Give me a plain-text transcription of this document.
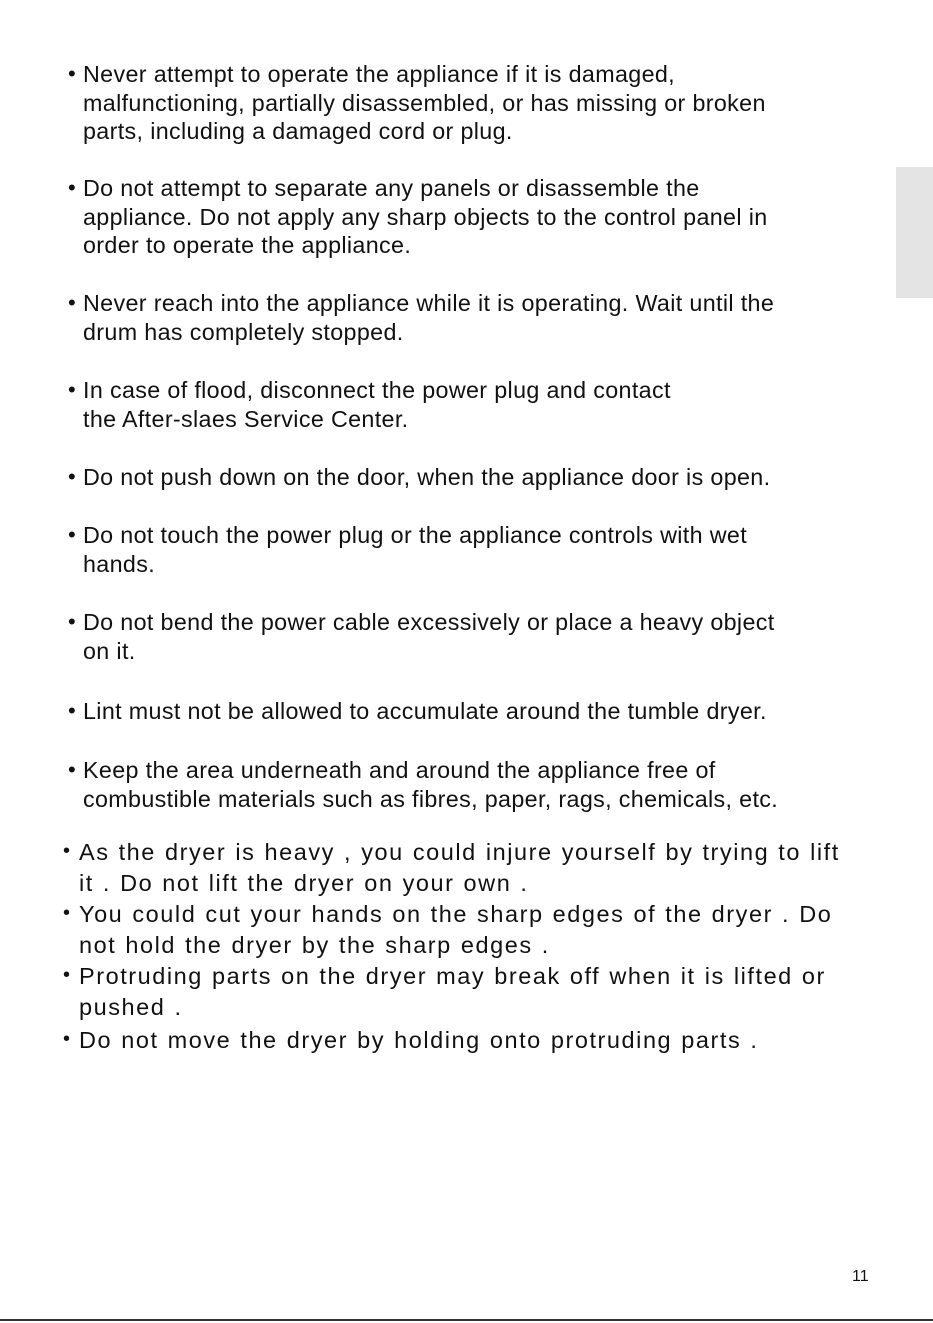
• Never attempt to operate the appliance if it is damaged,
malfunctioning, partially disassembled, or has missing or broken
parts, including a damaged cord or plug.
• Do not attempt to separate any panels or disassemble the
appliance. Do not apply any sharp objects to the control panel in
order to operate the appliance.
• Never reach into the appliance while it is operating. Wait until the
drum has completely stopped.
• In case of flood, disconnect the power plug and contact
the After-slaes Service Center.
• Do not push down on the door, when the appliance door is open.
• Do not touch the power plug or the appliance controls with wet
hands.
• Do not bend the power cable excessively or place a heavy object
on it.
• Lint must not be allowed to accumulate around the tumble dryer.
• Keep the area underneath and around the appliance free of
combustible materials such as fibres, paper, rags, chemicals, etc.
• As the dryer is heavy , you could injure yourself by trying to lift
it . Do not lift the dryer on your own .
• You could cut your hands on the sharp edges of the dryer . Do
not hold the dryer by the sharp edges .
• Protruding parts on the dryer may break off when it is lifted or
pushed .
• Do not move the dryer by holding onto protruding parts .
11
